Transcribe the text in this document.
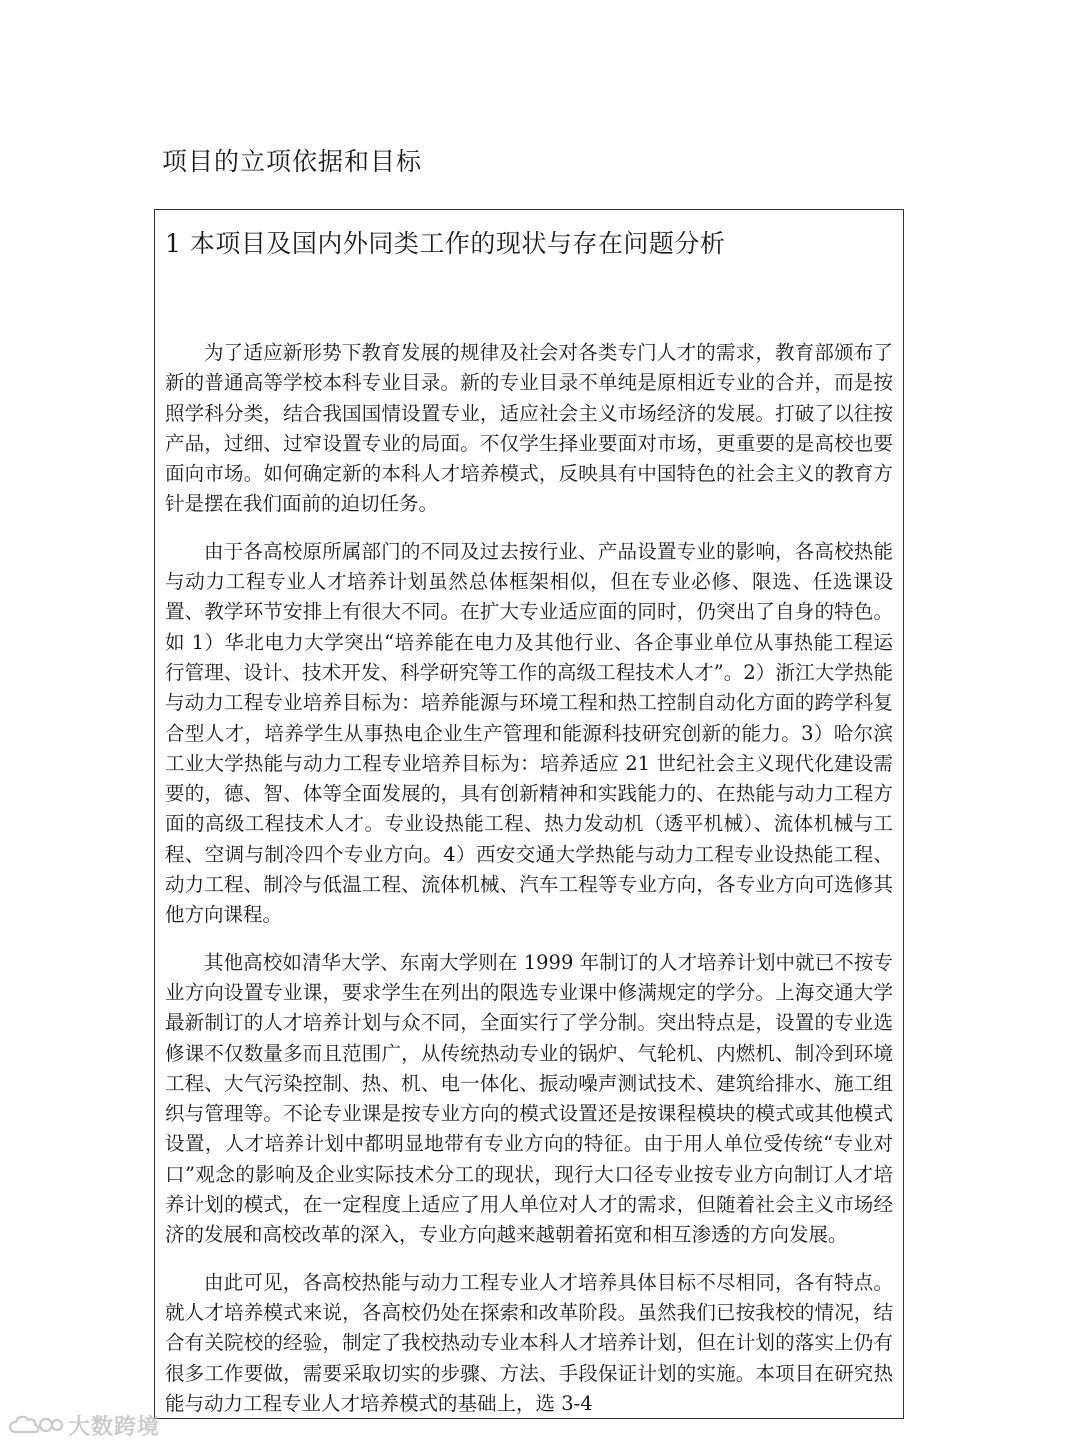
项目的立项依据和目标
1 本项目及国内外同类工作的现状与存在问题分析

为了适应新形势下教育发展的规律及社会对各类专门人才的需求，教育部颁布了新的普通高等学校本科专业目录。新的专业目录不单纯是原相近专业的合并，而是按照学科分类，结合我国国情设置专业，适应社会主义市场经济的发展。打破了以往按产品，过细、过窄设置专业的局面。不仅学生择业要面对市场，更重要的是高校也要面向市场。如何确定新的本科人才培养模式，反映具有中国特色的社会主义的教育方针是摆在我们面前的迫切任务。

由于各高校原所属部门的不同及过去按行业、产品设置专业的影响，各高校热能与动力工程专业人才培养计划虽然总体框架相似，但在专业必修、限选、任选课设置、教学环节安排上有很大不同。在扩大专业适应面的同时，仍突出了自身的特色。如 1）华北电力大学突出“培养能在电力及其他行业、各企事业单位从事热能工程运行管理、设计、技术开发、科学研究等工作的高级工程技术人才”。2）浙江大学热能与动力工程专业培养目标为：培养能源与环境工程和热工控制自动化方面的跨学科复合型人才，培养学生从事热电企业生产管理和能源科技研究创新的能力。3）哈尔滨工业大学热能与动力工程专业培养目标为：培养适应 21 世纪社会主义现代化建设需要的，德、智、体等全面发展的，具有创新精神和实践能力的、在热能与动力工程方面的高级工程技术人才。专业设热能工程、热力发动机（透平机械）、流体机械与工程、空调与制冷四个专业方向。4）西安交通大学热能与动力工程专业设热能工程、动力工程、制冷与低温工程、流体机械、汽车工程等专业方向，各专业方向可选修其他方向课程。

其他高校如清华大学、东南大学则在 1999 年制订的人才培养计划中就已不按专业方向设置专业课，要求学生在列出的限选专业课中修满规定的学分。上海交通大学最新制订的人才培养计划与众不同，全面实行了学分制。突出特点是，设置的专业选修课不仅数量多而且范围广，从传统热动专业的锅炉、气轮机、内燃机、制冷到环境工程、大气污染控制、热、机、电一体化、振动噪声测试技术、建筑给排水、施工组织与管理等。不论专业课是按专业方向的模式设置还是按课程模块的模式或其他模式设置，人才培养计划中都明显地带有专业方向的特征。由于用人单位受传统“专业对口”观念的影响及企业实际技术分工的现状，现行大口径专业按专业方向制订人才培养计划的模式，在一定程度上适应了用人单位对人才的需求，但随着社会主义市场经济的发展和高校改革的深入，专业方向越来越朝着拓宽和相互渗透的方向发展。

由此可见，各高校热能与动力工程专业人才培养具体目标不尽相同，各有特点。就人才培养模式来说，各高校仍处在探索和改革阶段。虽然我们已按我校的情况，结合有关院校的经验，制定了我校热动专业本科人才培养计划，但在计划的落实上仍有很多工作要做，需要采取切实的步骤、方法、手段保证计划的实施。本项目在研究热能与动力工程专业人才培养模式的基础上，选 3-4

大数跨境
